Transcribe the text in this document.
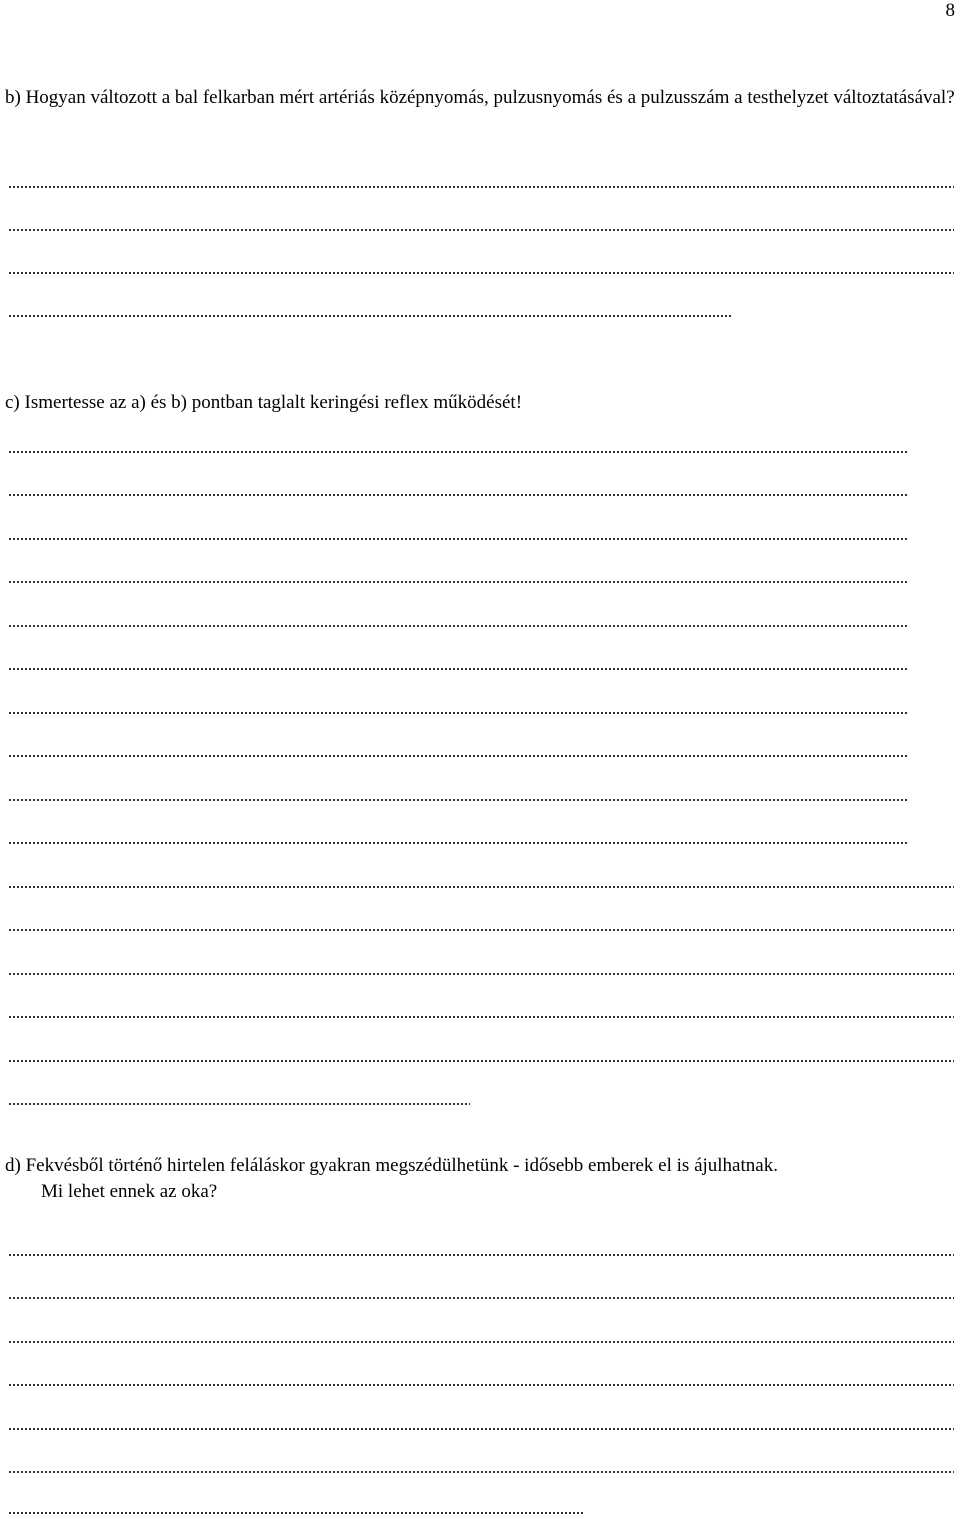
8
b) Hogyan változott a bal felkarban mért artériás középnyomás, pulzusnyomás és a pulzusszám a testhelyzet változtatásával?
c) Ismertesse az a) és b) pontban taglalt keringési reflex működését!
d) Fekvésből történő hirtelen feláláskor gyakran megszédülhetünk - idősebb emberek el is ájulhatnak.
Mi lehet ennek az oka?
